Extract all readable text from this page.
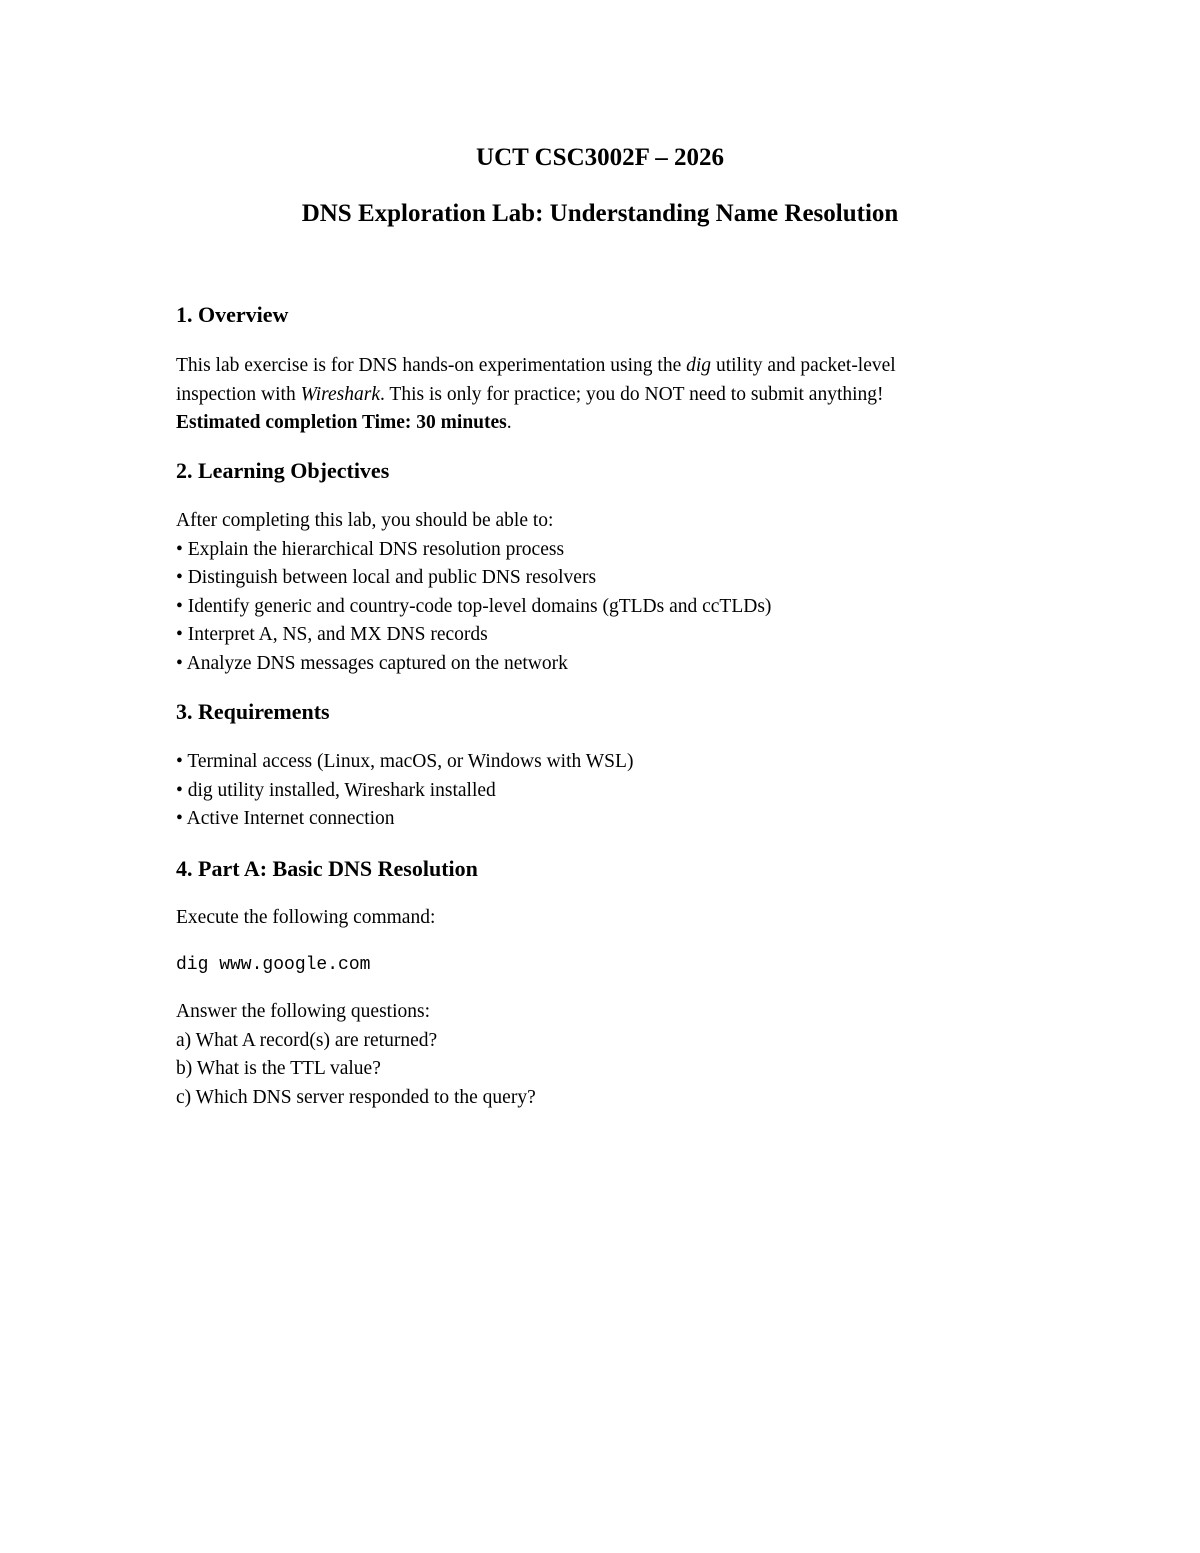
UCT CSC3002F – 2026
DNS Exploration Lab: Understanding Name Resolution
1. Overview

This lab exercise is for DNS hands-on experimentation using the dig utility and packet-level

inspection with Wireshark. This is only for practice; you do NOT need to submit anything!

Estimated completion Time: 30 minutes.

2. Learning Objectives

After completing this lab, you should be able to:

• Explain the hierarchical DNS resolution process

• Distinguish between local and public DNS resolvers

• Identify generic and country-code top-level domains (gTLDs and ccTLDs)

• Interpret A, NS, and MX DNS records

• Analyze DNS messages captured on the network

3. Requirements

• Terminal access (Linux, macOS, or Windows with WSL)

• dig utility installed, Wireshark installed

• Active Internet connection

4. Part A: Basic DNS Resolution

Execute the following command:

dig www.google.com

Answer the following questions:

a) What A record(s) are returned?

b) What is the TTL value?

c) Which DNS server responded to the query?
